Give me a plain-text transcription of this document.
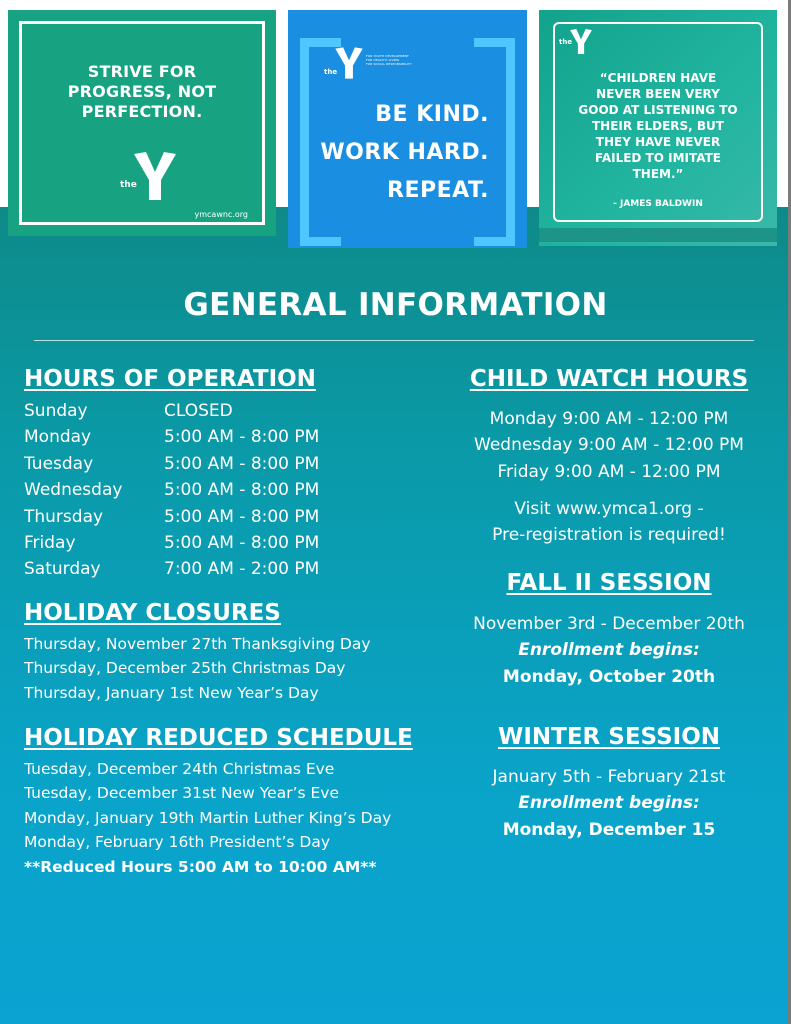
STRIVE FOR
PROGRESS, NOT
PERFECTION.
the
ymcawnc.org
the
FOR YOUTH DEVELOPMENT
FOR HEALTHY LIVING
FOR SOCIAL RESPONSIBILITY
BE KIND.
WORK HARD.
REPEAT.
the
“CHILDREN HAVE
NEVER BEEN VERY
GOOD AT LISTENING TO
THEIR ELDERS, BUT
THEY HAVE NEVER
FAILED TO IMITATE
THEM.”
- JAMES BALDWIN
GENERAL INFORMATION
HOURS OF OPERATION
Sunday	CLOSED
Monday	5:00 AM - 8:00 PM
Tuesday	5:00 AM - 8:00 PM
Wednesday 5:00 AM - 8:00 PM
Thursday	5:00 AM - 8:00 PM
Friday	5:00 AM - 8:00 PM
Saturday	7:00 AM - 2:00 PM
HOLIDAY CLOSURES
Thursday, November 27th Thanksgiving Day
Thursday, December 25th Christmas Day
Thursday, January 1st New Year’s Day
HOLIDAY REDUCED SCHEDULE
Tuesday, December 24th Christmas Eve
Tuesday, December 31st New Year’s Eve
Monday, January 19th Martin Luther King’s Day
Monday, February 16th President’s Day
**Reduced Hours 5:00 AM to 10:00 AM**
CHILD WATCH HOURS
Monday 9:00 AM - 12:00 PM
Wednesday 9:00 AM - 12:00 PM
Friday 9:00 AM - 12:00 PM
Visit www.ymca1.org -
Pre-registration is required!
FALL II SESSION
November 3rd - December 20th
Enrollment begins:
Monday, October 20th
WINTER SESSION
January 5th - February 21st
Enrollment begins:
Monday, December 15
